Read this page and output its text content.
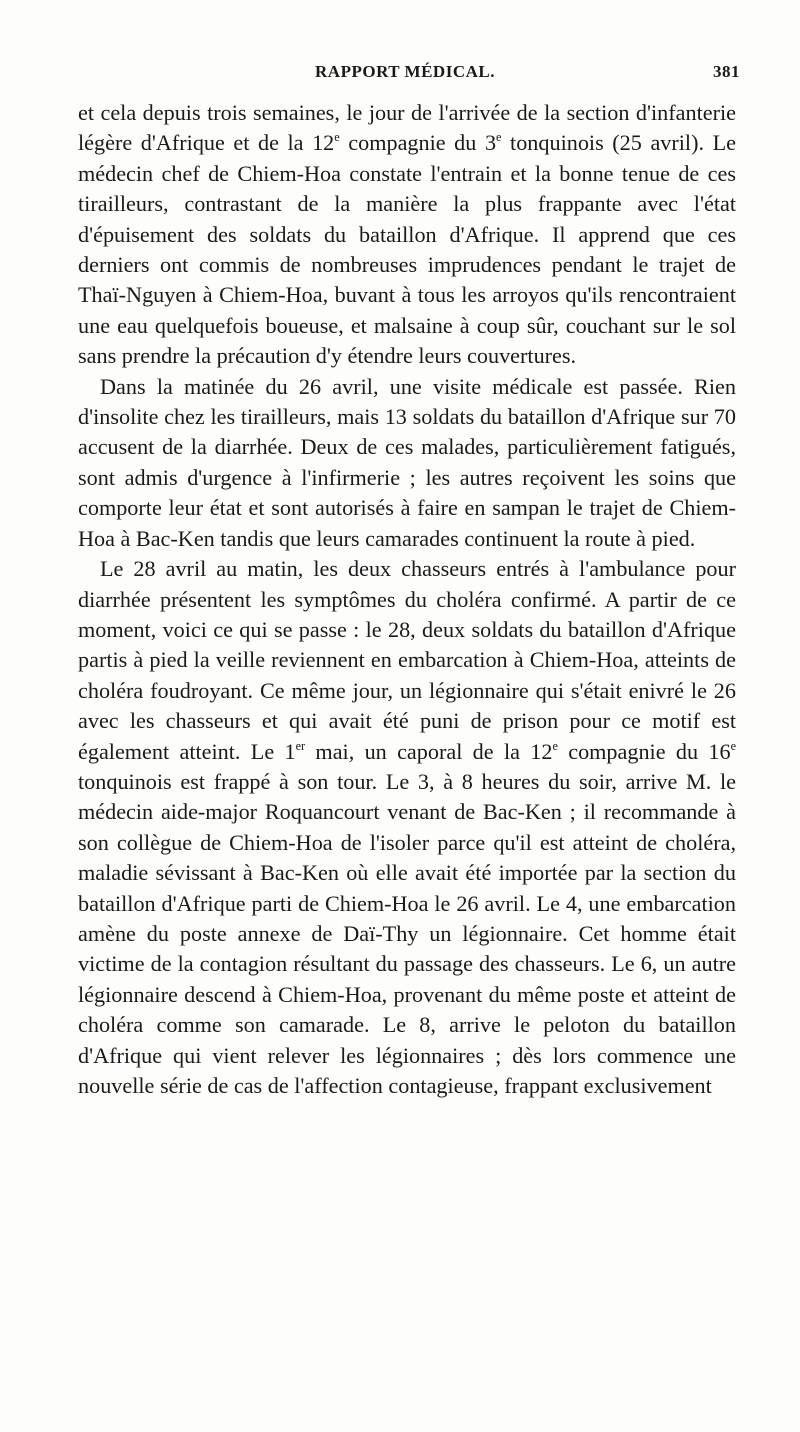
RAPPORT MÉDICAL.	381

et cela depuis trois semaines, le jour de l'arrivée de la section d'infanterie légère d'Afrique et de la 12e compagnie du 3e tonquinois (25 avril). Le médecin chef de Chiem-Hoa constate l'entrain et la bonne tenue de ces tirailleurs, contrastant de la manière la plus frappante avec l'état d'épuisement des soldats du bataillon d'Afrique. Il apprend que ces derniers ont commis de nombreuses imprudences pendant le trajet de Thaï-Nguyen à Chiem-Hoa, buvant à tous les arroyos qu'ils rencontraient une eau quelquefois boueuse, et malsaine à coup sûr, couchant sur le sol sans prendre la précaution d'y étendre leurs couvertures.

Dans la matinée du 26 avril, une visite médicale est passée. Rien d'insolite chez les tirailleurs, mais 13 soldats du bataillon d'Afrique sur 70 accusent de la diarrhée. Deux de ces malades, particulièrement fatigués, sont admis d'urgence à l'infirmerie ; les autres reçoivent les soins que comporte leur état et sont autorisés à faire en sampan le trajet de Chiem-Hoa à Bac-Ken tandis que leurs camarades continuent la route à pied.

Le 28 avril au matin, les deux chasseurs entrés à l'ambulance pour diarrhée présentent les symptômes du choléra confirmé. A partir de ce moment, voici ce qui se passe : le 28, deux soldats du bataillon d'Afrique partis à pied la veille reviennent en embarcation à Chiem-Hoa, atteints de choléra foudroyant. Ce même jour, un légionnaire qui s'était enivré le 26 avec les chasseurs et qui avait été puni de prison pour ce motif est également atteint. Le 1er mai, un caporal de la 12e compagnie du 16e tonquinois est frappé à son tour. Le 3, à 8 heures du soir, arrive M. le médecin aide-major Roquancourt venant de Bac-Ken ; il recommande à son collègue de Chiem-Hoa de l'isoler parce qu'il est atteint de choléra, maladie sévissant à Bac-Ken où elle avait été importée par la section du bataillon d'Afrique parti de Chiem-Hoa le 26 avril. Le 4, une embarcation amène du poste annexe de Daï-Thy un légionnaire. Cet homme était victime de la contagion résultant du passage des chasseurs. Le 6, un autre légionnaire descend à Chiem-Hoa, provenant du même poste et atteint de choléra comme son camarade. Le 8, arrive le peloton du bataillon d'Afrique qui vient relever les légionnaires ; dès lors commence une nouvelle série de cas de l'affection contagieuse, frappant exclusivement
